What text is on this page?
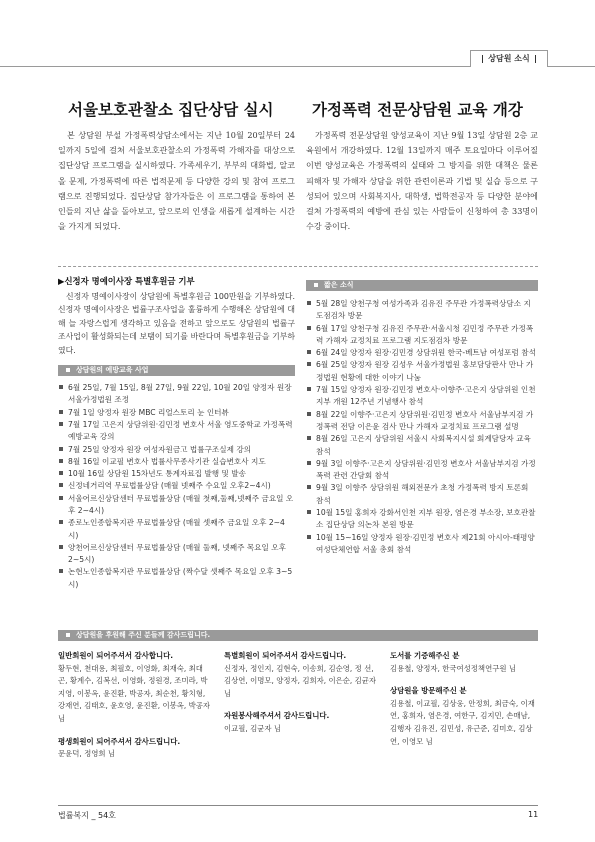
상담원 소식
서울보호관찰소 집단상담 실시

본 상담원 부설 가정폭력상담소에서는 지난 10월 20일부터 24일까지 5일에 걸쳐 서울보호관찰소의 가정폭력 가해자를 대상으로 집단상담 프로그램을 실시하였다. 가족세우기, 부부의 대화법, 알코올 문제, 가정폭력에 따른 법적문제 등 다양한 강의 및 참여 프로그램으로 진행되었다. 집단상담 참가자들은 이 프로그램을 통하여 본인들의 지난 삶을 돌아보고, 앞으로의 인생을 새롭게 설계하는 시간을 가지게 되었다.

가정폭력 전문상담원 교육 개강

가정폭력 전문상담원 양성교육이 지난 9월 13일 상담원 2층 교육원에서 개강하였다. 12월 13일까지 매주 토요일마다 이루어질 이번 양성교육은 가정폭력의 실태와 그 방지를 위한 대책은 물론 피해자 및 가해자 상담을 위한 관련이론과 기법 및 실습 등으로 구성되어 있으며 사회복지사, 대학생, 법학전공자 등 다양한 분야에 걸쳐 가정폭력의 예방에 관심 있는 사람들이 신청하여 총 33명이 수강 중이다.

▶신정자 명예이사장 특별후원금 기부

신정자 명예이사장이 상담원에 특별후원금 100만원을 기부하였다. 신정자 명예이사장은 법률구조사업을 훌륭하게 수행해온 상담원에 대해 늘 자랑스럽게 생각하고 있음을 전하고 앞으로도 상담원의 법률구조사업이 활성화되는데 보탬이 되기를 바란다며 특별후원금을 기부하였다.

상담원의 예방교육 사업
6월 25일, 7월 15일, 8월 27일, 9월 22일, 10월 20일 양정자 원장 서울가정법원 조정
7월 1일 양정자 원장 MBC 리얼스토리 눈 인터뷰
7월 17일 고은지 상담위원·김민정 변호사 서울 영도중학교 가정폭력 예방교육 강의
7월 25일 양정자 원장 여성자원금고 법률구조실제 강의
8월 16일 이교필 변호사 법률사무종사기관 실습변호사 지도
10월 16일 상담원 15차년도 통계자료집 발행 및 발송
신정네거리역 무료법률상담 (매월 넷째주 수요일 오후2~4시)
서울어르신상담센터 무료법률상담 (매월 첫째,둘째,넷째주 금요일 오후 2~4시)
종로노인종합복지관 무료법률상담 (매월 셋째주 금요일 오후 2~4시)
양천어르신상담센터 무료법률상담 (매월 둘째, 넷째주 목요일 오후 2~5시)
논현노인종합복지관 무료법률상담 (짝수달 셋째주 목요일 오후 3~5시)
짧은 소식
5월 28일 양천구청 여성가족과 김유진 주무관 가정폭력상담소 지도점검차 방문
6월 17일 양천구청 김유진 주무관·서울시청 김민정 주무관 가정폭력 가해자 교정치료 프로그램 지도점검차 방문
6월 24일 양정자 원장·김민경 상담위원 한국-베트남 여성포럼 참석
6월 25일 양정자 원장 김성우 서울가정법원 홍보담당판사 만나 가정법원 현황에 대한 이야기 나눔
7월 15일 양정자 원장·김민정 변호사·이향주·고은지 상담위원 인천지부 개원 12주년 기념행사 참석
8월 22일 이향주·고은지 상담위원·김민정 변호사 서울남부지검 가정폭력 전담 이은윤 검사 만나 가해자 교정치료 프로그램 설명
8월 26일 고은지 상담위원 서울시 사회복지시설 회계담당자 교육 참석
9월 3일 이향주·고은지 상담위원·김민정 변호사 서울남부지검 가정폭력 관련 간담회 참석
9월 3일 이향주 상담위원 해외전문가 초청 가정폭력 방지 토론회 참석
10월 15일 홍희자 강화서인천 지부 원장, 염은경 부소장, 보호관찰소 집단상담 의논차 본원 방문
10월 15~16일 양정자 원장·김민정 변호사 제21회 아시아-태평양 여성단체연합 서울 총회 참석
상담원을 후원해 주신 분들께 감사드립니다.
일반회원이 되어주셔서 감사합니다.
황두현, 천대용, 최필호, 이영화, 최재숙, 최대곤, 황계수, 김복선, 이영화, 정원경, 조미라, 박지영, 이봉옥, 윤진환, 박공자, 최순천, 황치형, 강재연, 김태호, 윤호영, 윤진환, 이봉옥, 박공자 님
평생회원이 되어주셔서 감사드립니다.
문윤덕, 정영희 님
특별회원이 되어주셔서 감사드립니다.
신정자, 정인지, 김현숙, 이송희, 김순영, 정 선, 김상연, 이명모, 양정자, 김희자, 이은순, 김균자 님
자원봉사해주셔서 감사드립니다.
이교필, 김균자 님
도서를 기증해주신 분
김용철, 양정자, 한국여성정책연구원 님
상담원을 방문해주신 분
김용철, 이교필, 김상웅, 안정희, 최금숙, 이재연, 홍희자, 염은경, 여한구, 김지민, 손매남, 김행자 김유진, 김민성, 유근준, 김미호, 김상연, 이영모 님
법률복지 _ 54호	11
